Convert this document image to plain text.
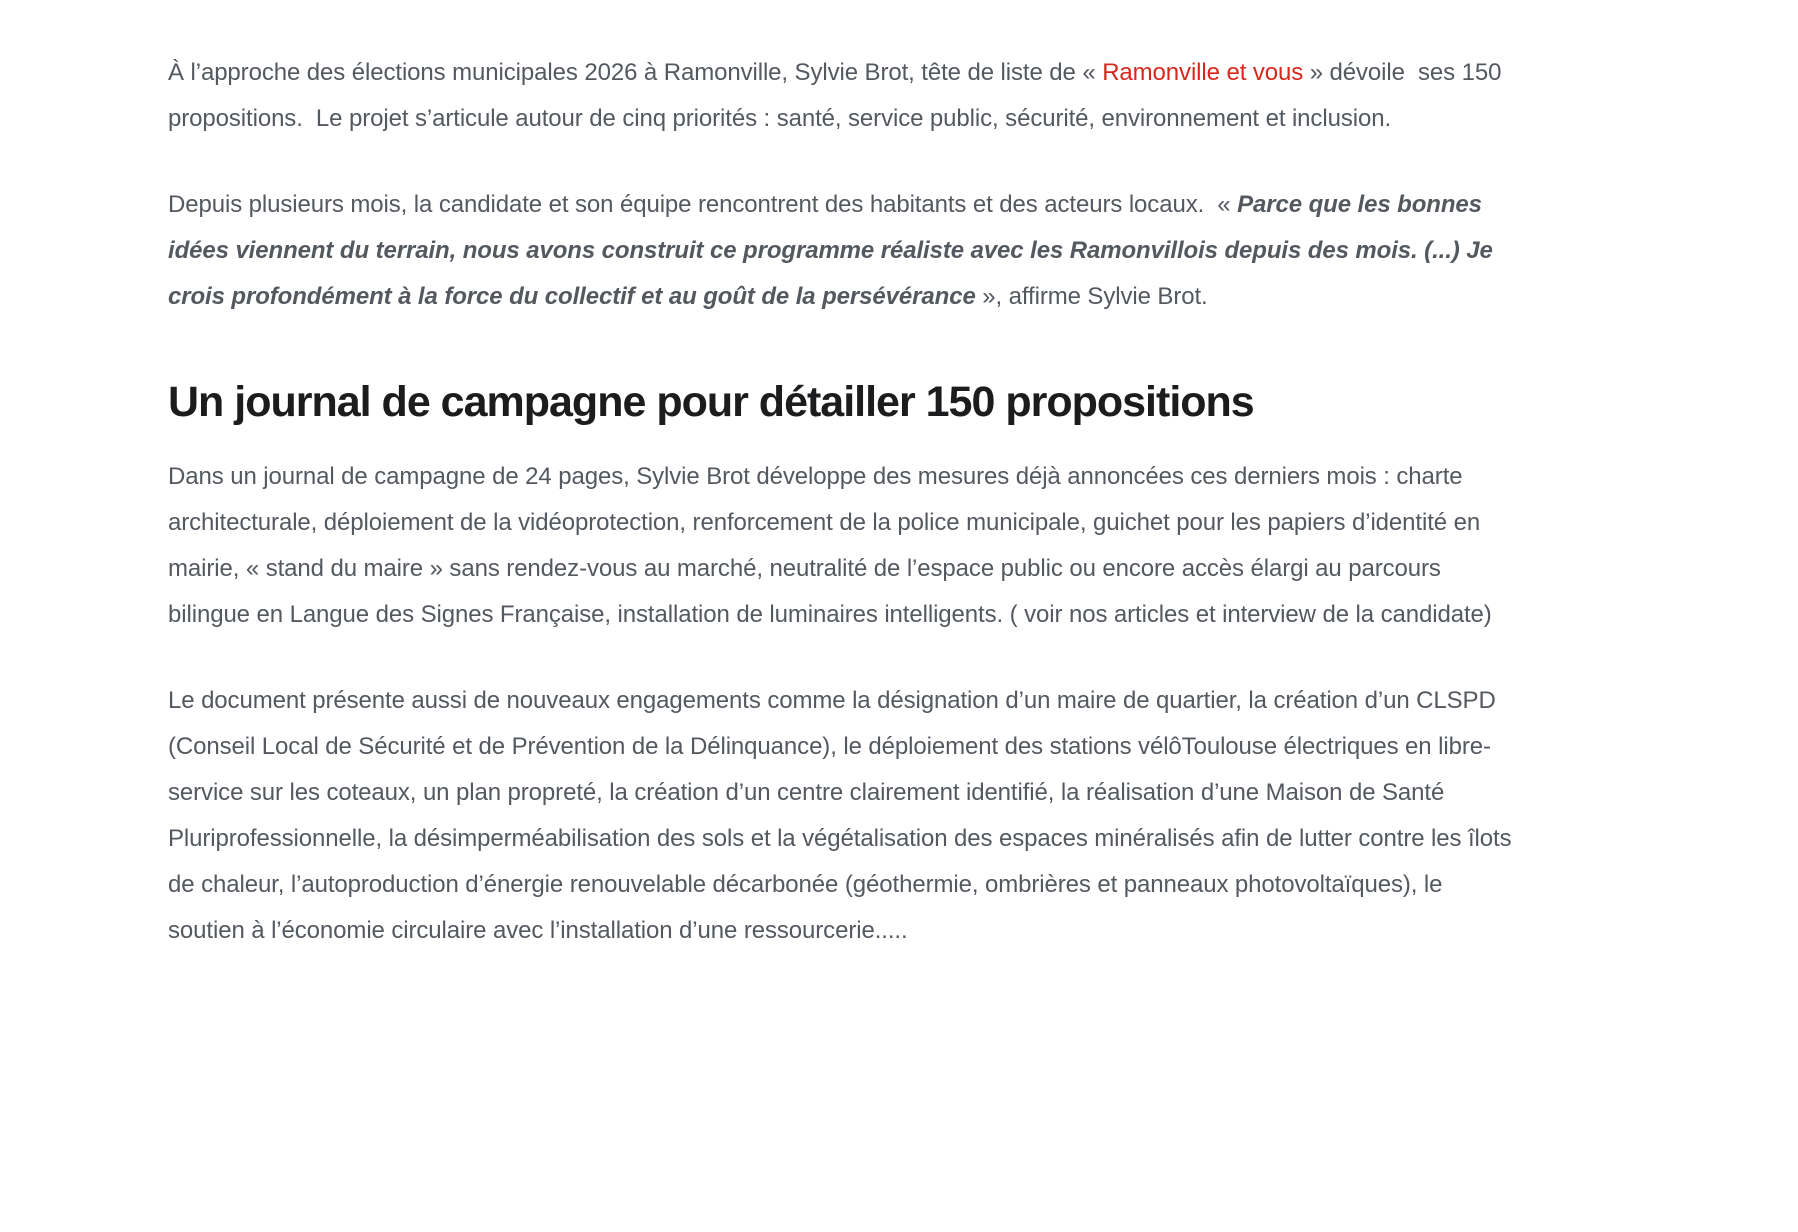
À l’approche des élections municipales 2026 à Ramonville, Sylvie Brot, tête de liste de « Ramonville et vous » dévoile  ses 150 propositions.  Le projet s’articule autour de cinq priorités : santé, service public, sécurité, environnement et inclusion.

Depuis plusieurs mois, la candidate et son équipe rencontrent des habitants et des acteurs locaux.  « Parce que les bonnes idées viennent du terrain, nous avons construit ce programme réaliste avec les Ramonvillois depuis des mois. (...) Je crois profondément à la force du collectif et au goût de la persévérance », affirme Sylvie Brot.

Un journal de campagne pour détailler 150 propositions

Dans un journal de campagne de 24 pages, Sylvie Brot développe des mesures déjà annoncées ces derniers mois : charte architecturale, déploiement de la vidéoprotection, renforcement de la police municipale, guichet pour les papiers d’identité en mairie, « stand du maire » sans rendez-vous au marché, neutralité de l’espace public ou encore accès élargi au parcours bilingue en Langue des Signes Française, installation de luminaires intelligents. ( voir nos articles et interview de la candidate)

Le document présente aussi de nouveaux engagements comme la désignation d’un maire de quartier, la création d’un CLSPD (Conseil Local de Sécurité et de Prévention de la Délinquance), le déploiement des stations vélôToulouse électriques en libre-service sur les coteaux, un plan propreté, la création d’un centre clairement identifié, la réalisation d’une Maison de Santé Pluriprofessionnelle, la désimperméabilisation des sols et la végétalisation des espaces minéralisés afin de lutter contre les îlots de chaleur, l’autoproduction d’énergie renouvelable décarbonée (géothermie, ombrières et panneaux photovoltaïques), le soutien à l’économie circulaire avec l’installation d’une ressourcerie.....
